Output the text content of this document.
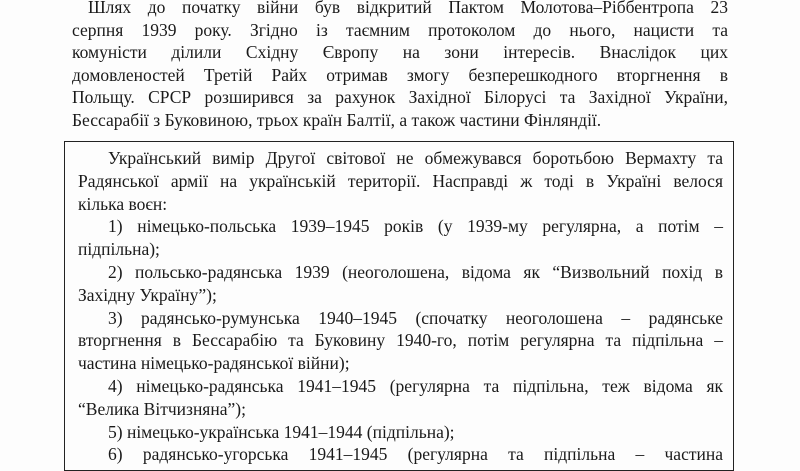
Шлях до початку війни був відкритий Пактом Молотова–Ріббентропа 23
серпня 1939 року. Згідно із таємним протоколом до нього, нацисти та
комуністи ділили Східну Європу на зони інтересів. Внаслідок цих
домовленостей Третій Райх отримав змогу безперешкодного вторгнення в
Польщу. СРСР розширився за рахунок Західної Білорусі та Західної України,
Бессарабії з Буковиною, трьох країн Балтії, а також частини Фінляндії.
Український вимір Другої світової не обмежувався боротьбою Вермахту та
Радянської армії на українській території. Насправді ж тоді в Україні велося
кілька воєн:
1) німецько-польська 1939–1945 років (у 1939-му регулярна, а потім –
підпільна);
2) польсько-радянська 1939 (неоголошена, відома як “Визвольний похід в
Західну Україну”);
3) радянсько-румунська 1940–1945 (спочатку неоголошена – радянське
вторгнення в Бессарабію та Буковину 1940-го, потім регулярна та підпільна –
частина німецько-радянської війни);
4) німецько-радянська 1941–1945 (регулярна та підпільна, теж відома як
“Велика Вітчизняна”);
5) німецько-українська 1941–1944 (підпільна);
6) радянсько-угорська 1941–1945 (регулярна та підпільна – частина
